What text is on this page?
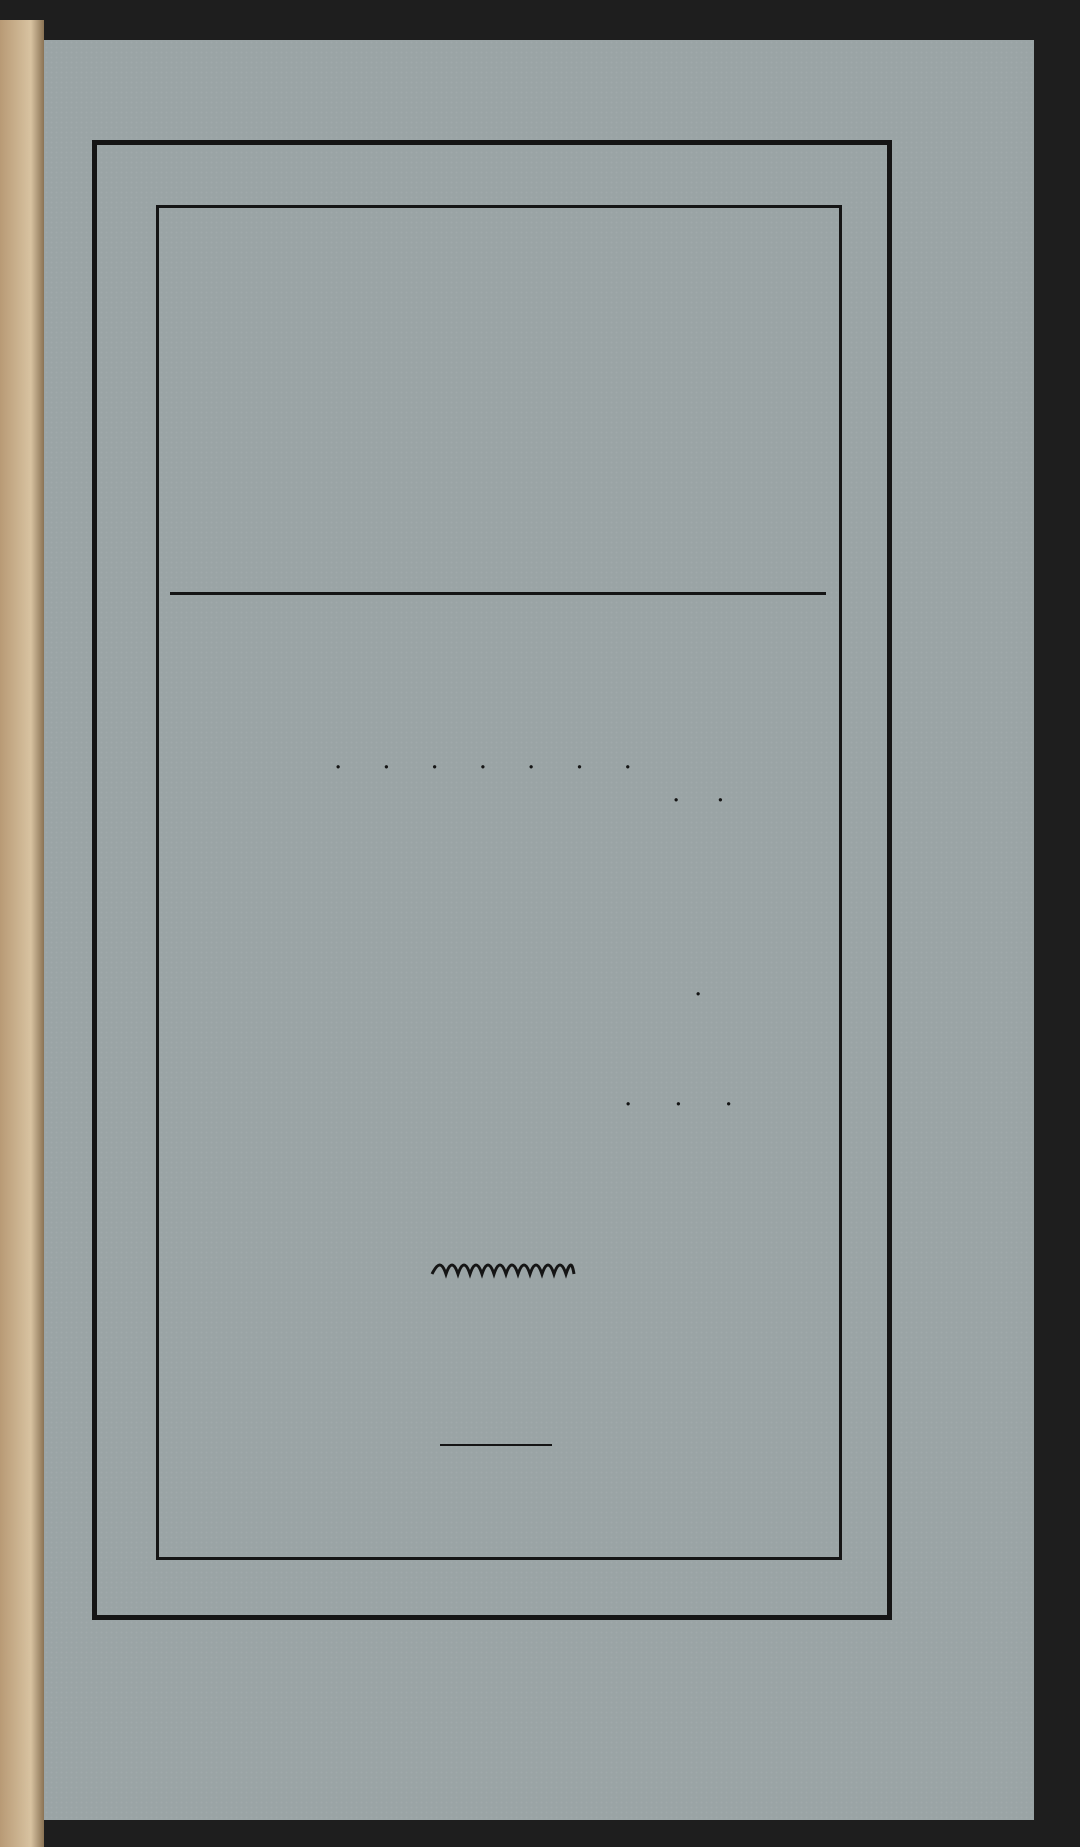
.......
..
.
...
